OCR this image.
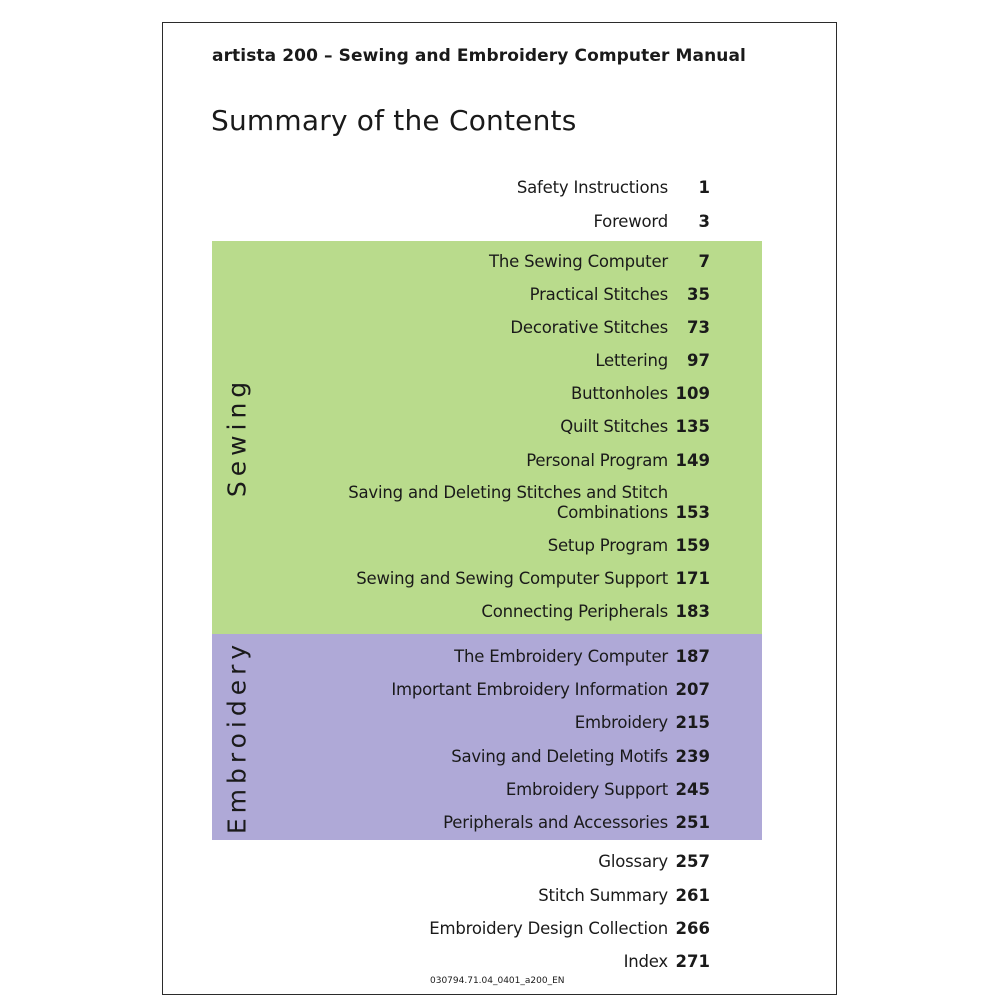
artista 200 – Sewing and Embroidery Computer Manual
Summary of the Contents
Sewing
Embroidery
Safety Instructions 1
Foreword 3
The Sewing Computer 7
Practical Stitches 35
Decorative Stitches 73
Lettering 97
Buttonholes 109
Quilt Stitches 135
Personal Program 149
Saving and Deleting Stitches and Stitch Combinations 153
Setup Program 159
Sewing and Sewing Computer Support 171
Connecting Peripherals 183
The Embroidery Computer 187
Important Embroidery Information 207
Embroidery 215
Saving and Deleting Motifs 239
Embroidery Support 245
Peripherals and Accessories 251
Glossary 257
Stitch Summary 261
Embroidery Design Collection 266
Index 271
030794.71.04_0401_a200_EN
